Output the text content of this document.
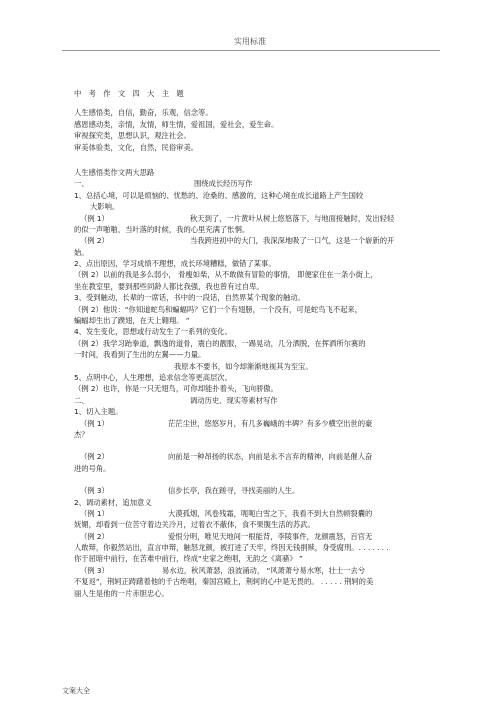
实用标准
中 考 作 文 四 大 主 题
人生感悟类，自信，勤奋，乐观，信念等。
感恩感动类，亲情，友情，师生情，爱祖国，爱社会，爱生命。
审视探究类，思想认识，观注社会。
审美体验类，文化，自然，民俗审美。
人生感悟类作文两大思路
一、	围绕成长经历写作
1、总括心境，可以是烦恼的、忧愁的、沧桑的、感激的，这种心境在成长道路上产生国较
大影响。
（例 1）	秋天到了，一片黄叶从树上悠悠落下，与地面接触时，发出轻轻
的似一声啪啪，当叶落的时候，我的心里充满了怅惘。
（例 2）	当我跨进初中的大门，我深深地吸了一口气，这是一个崭新的开
始。
2、点出原因，学习成绩不理想，成长环境糟糕，做错了某事。
（例 2）以前的我是多么弱小， 骨瘦如柴，从不敢做有冒险的事情， 即便家住在一条小街上，
坐在教室里，要到那些同龄人都比我强，我也曾有过自卑。
3、受到触动，长辈的一席话，书中的一段话，自然界某个现象的触动。
（例 2）他说：“你知道蛇鸟和蝙蝠吗？它们一个有翅膀，一个没有，可是蛇鸟飞不起来，
蝙蝠却生出了蹼翅，在天上翱翔。 ”
4、发生变化，思想或行动发生了一系列的变化。
（例 2）我学习跆拳道，飘逸的道骨，震白的靓服，一踢晃动，几分洒脱，在挥洒所尔赛的
一时间，我看到了生出的左翼——力量。
我原本不要书，如今却渐渐地视其为至宝。
5、点明中心，人生理想，追求信念等更高层次。
（例 2）也许，你是一只无翅鸟，可你却能扑着头，飞向骄傲。
二、	调动历史、现实等素材写作
1、切入主题。
（例 1）	茫茫尘世，悠悠岁月，有几多巍峨的丰碑？有多少横空出世的豪
杰？
（例 2）	向前是一种昂扬的状态，向前是永不言弃的精神，向前是催人奋
进的号角。
（例 3）	信步长亭，我在蹉寻，寻找美丽的人生。
2、调动素材，追加意义
（例 1）	大漠孤烟，风卷残霜，呃呃白雪之下，我看不到大自然顿裂囊的
妩媚，却看到一位苦守着边关冷月，过着衣不蔽体，食不果腹生活的苏武。
（例 2）	爱恨分明，唯见天地间一根能背，李陵事件，龙颜震怒，百官无
人敢辩，你毅然站出，直言申辩，触怒龙颜，被打进了天牢，终因无钱捐赎，身受腐刑。. . . . . . .
你于屈暗中前行，在苦难中前行，终成“史家之绝唱，无韵之《离骚》 ”
（例 3）	易水边，秋风萧瑟，浪波涌动， “风萧萧兮易水寒，壮士一去兮
不复返”，荆轲正踌躇着他的千古绝唱，秦国宫殿上，荆轲的心中是无畏的。 . . . . . 荆轲的美
丽人生是他的一片赤胆忠心。
文案大全
